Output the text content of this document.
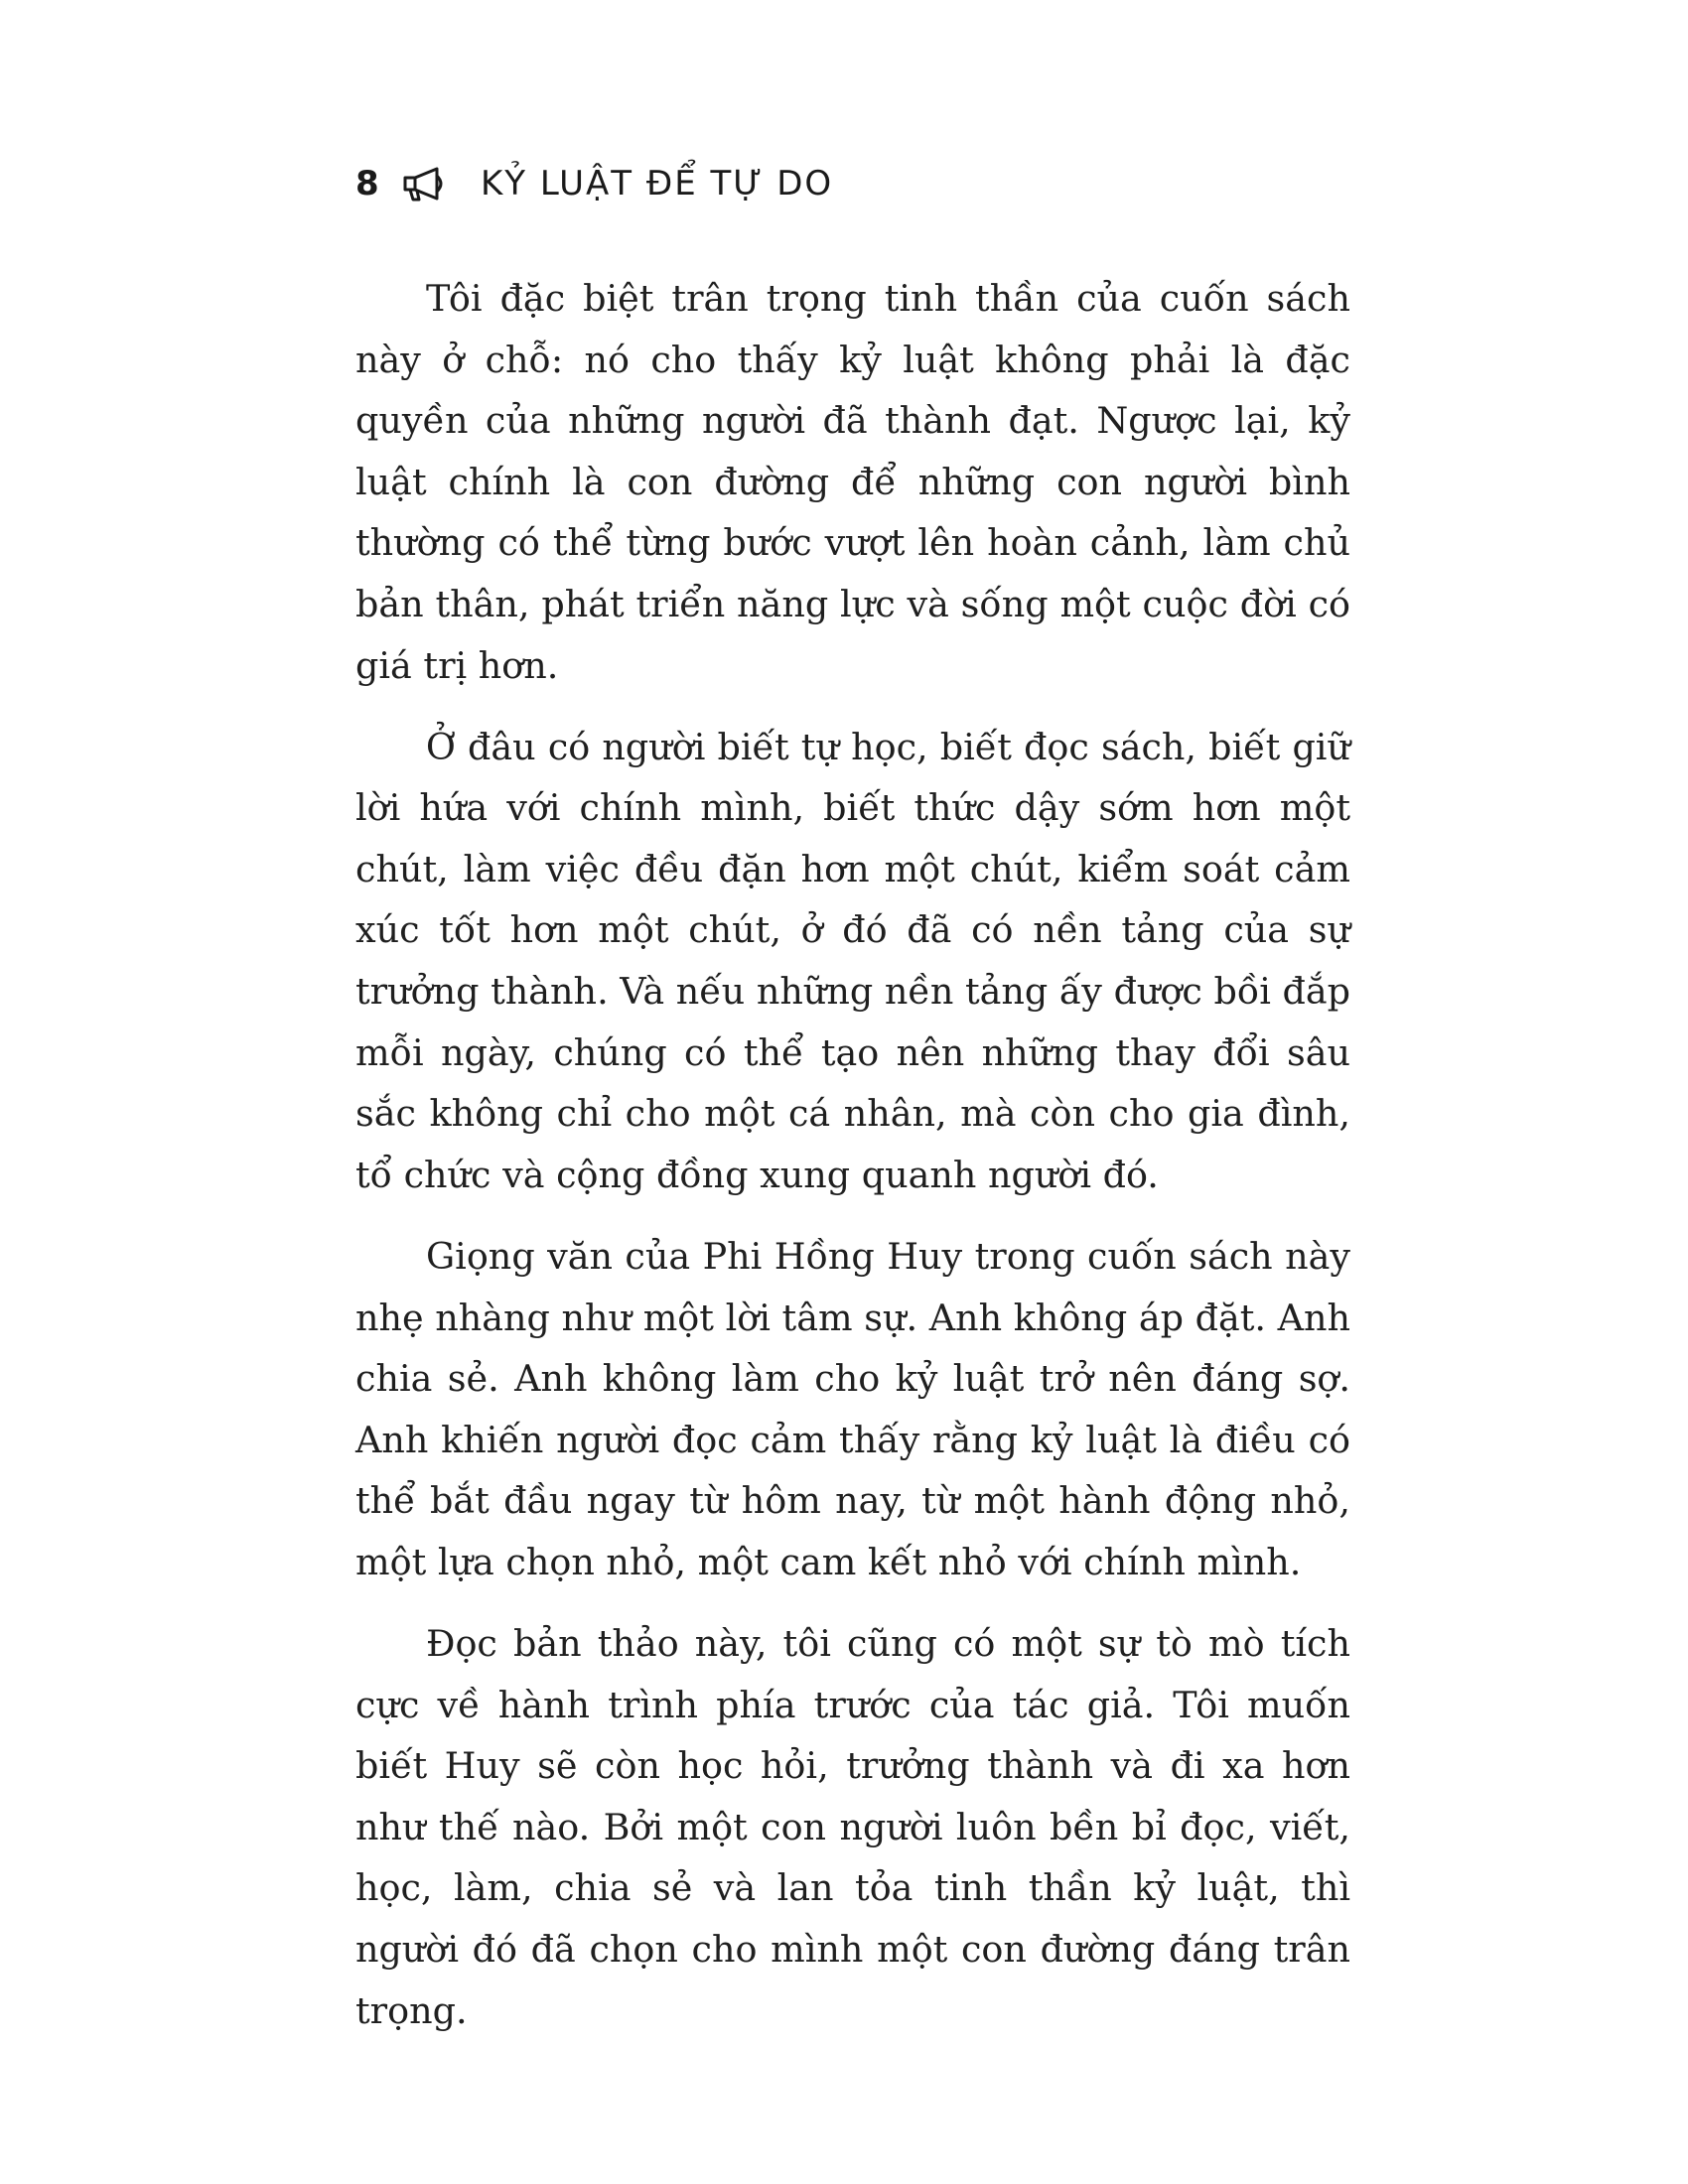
8	KỶ LUẬT ĐỂ TỰ DO

Tôi đặc biệt trân trọng tinh thần của cuốn sách này ở chỗ: nó cho thấy kỷ luật không phải là đặc quyền của những người đã thành đạt. Ngược lại, kỷ luật chính là con đường để những con người bình thường có thể từng bước vượt lên hoàn cảnh, làm chủ bản thân, phát triển năng lực và sống một cuộc đời có giá trị hơn.

Ở đâu có người biết tự học, biết đọc sách, biết giữ lời hứa với chính mình, biết thức dậy sớm hơn một chút, làm việc đều đặn hơn một chút, kiểm soát cảm xúc tốt hơn một chút, ở đó đã có nền tảng của sự trưởng thành. Và nếu những nền tảng ấy được bồi đắp mỗi ngày, chúng có thể tạo nên những thay đổi sâu sắc không chỉ cho một cá nhân, mà còn cho gia đình, tổ chức và cộng đồng xung quanh người đó.

Giọng văn của Phi Hồng Huy trong cuốn sách này nhẹ nhàng như một lời tâm sự. Anh không áp đặt. Anh chia sẻ. Anh không làm cho kỷ luật trở nên đáng sợ. Anh khiến người đọc cảm thấy rằng kỷ luật là điều có thể bắt đầu ngay từ hôm nay, từ một hành động nhỏ, một lựa chọn nhỏ, một cam kết nhỏ với chính mình.

Đọc bản thảo này, tôi cũng có một sự tò mò tích cực về hành trình phía trước của tác giả. Tôi muốn biết Huy sẽ còn học hỏi, trưởng thành và đi xa hơn như thế nào. Bởi một con người luôn bền bỉ đọc, viết, học, làm, chia sẻ và lan tỏa tinh thần kỷ luật, thì người đó đã chọn cho mình một con đường đáng trân trọng.
